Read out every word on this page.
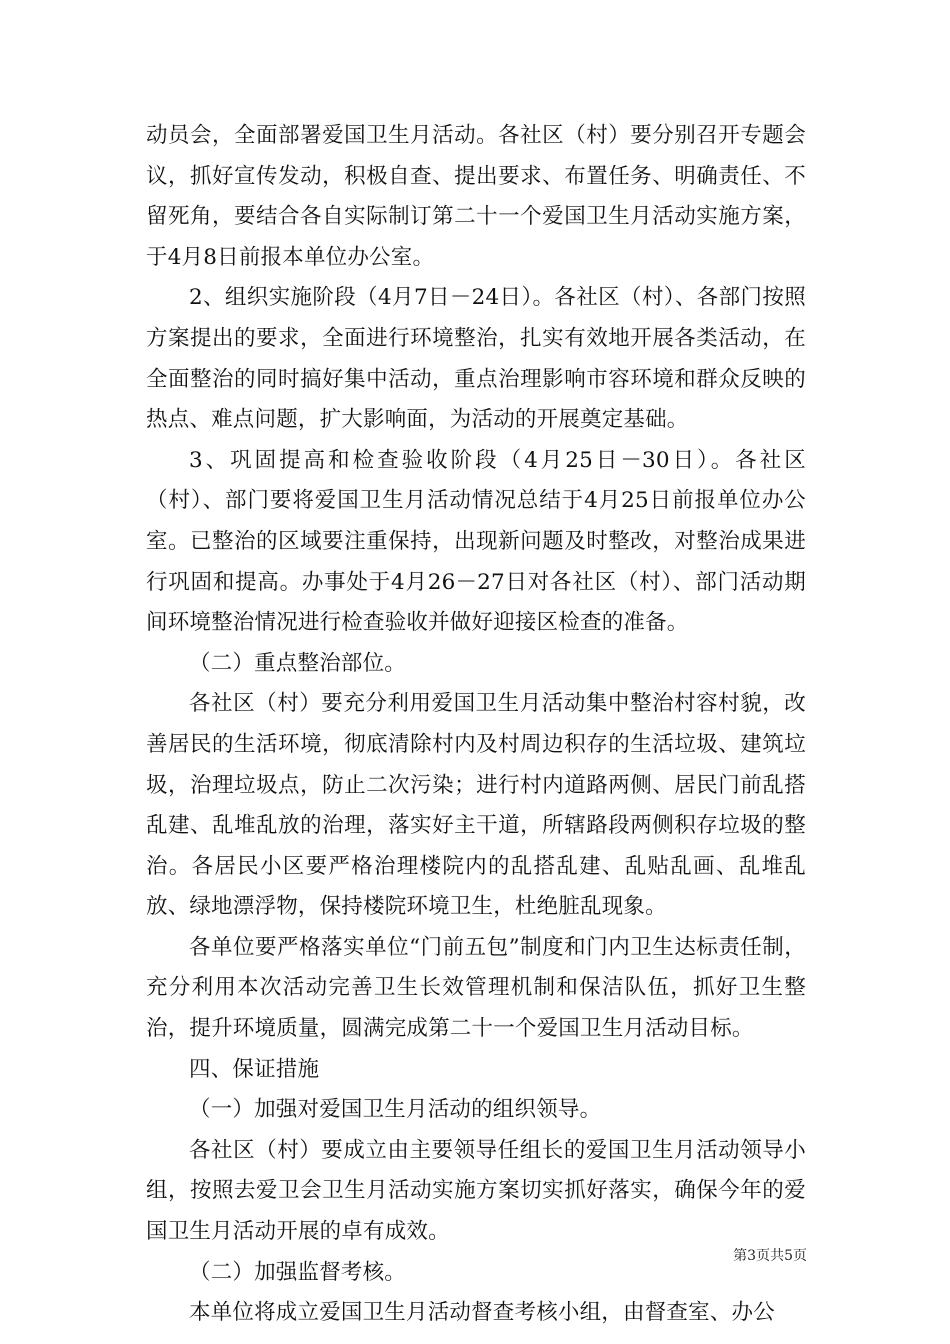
动员会，全面部署爱国卫生月活动。各社区（村）要分别召开专题会议，抓好宣传发动，积极自查、提出要求、布置任务、明确责任、不留死角，要结合各自实际制订第二十一个爱国卫生月活动实施方案，于4月8日前报本单位办公室。

2、组织实施阶段（4月7日－24日）。各社区（村）、各部门按照方案提出的要求，全面进行环境整治，扎实有效地开展各类活动，在全面整治的同时搞好集中活动，重点治理影响市容环境和群众反映的热点、难点问题，扩大影响面，为活动的开展奠定基础。

3、巩固提高和检查验收阶段（4月25日－30日）。各社区（村）、部门要将爱国卫生月活动情况总结于4月25日前报单位办公室。已整治的区域要注重保持，出现新问题及时整改，对整治成果进行巩固和提高。办事处于4月26－27日对各社区（村）、部门活动期间环境整治情况进行检查验收并做好迎接区检查的准备。

（二）重点整治部位。

各社区（村）要充分利用爱国卫生月活动集中整治村容村貌，改善居民的生活环境，彻底清除村内及村周边积存的生活垃圾、建筑垃圾，治理垃圾点，防止二次污染；进行村内道路两侧、居民门前乱搭乱建、乱堆乱放的治理，落实好主干道，所辖路段两侧积存垃圾的整治。各居民小区要严格治理楼院内的乱搭乱建、乱贴乱画、乱堆乱放、绿地漂浮物，保持楼院环境卫生，杜绝脏乱现象。

各单位要严格落实单位“门前五包”制度和门内卫生达标责任制，充分利用本次活动完善卫生长效管理机制和保洁队伍，抓好卫生整治，提升环境质量，圆满完成第二十一个爱国卫生月活动目标。

四、保证措施

（一）加强对爱国卫生月活动的组织领导。

各社区（村）要成立由主要领导任组长的爱国卫生月活动领导小组，按照去爱卫会卫生月活动实施方案切实抓好落实，确保今年的爱国卫生月活动开展的卓有成效。

（二）加强监督考核。

本单位将成立爱国卫生月活动督查考核小组，由督查室、办公

第3页共5页
